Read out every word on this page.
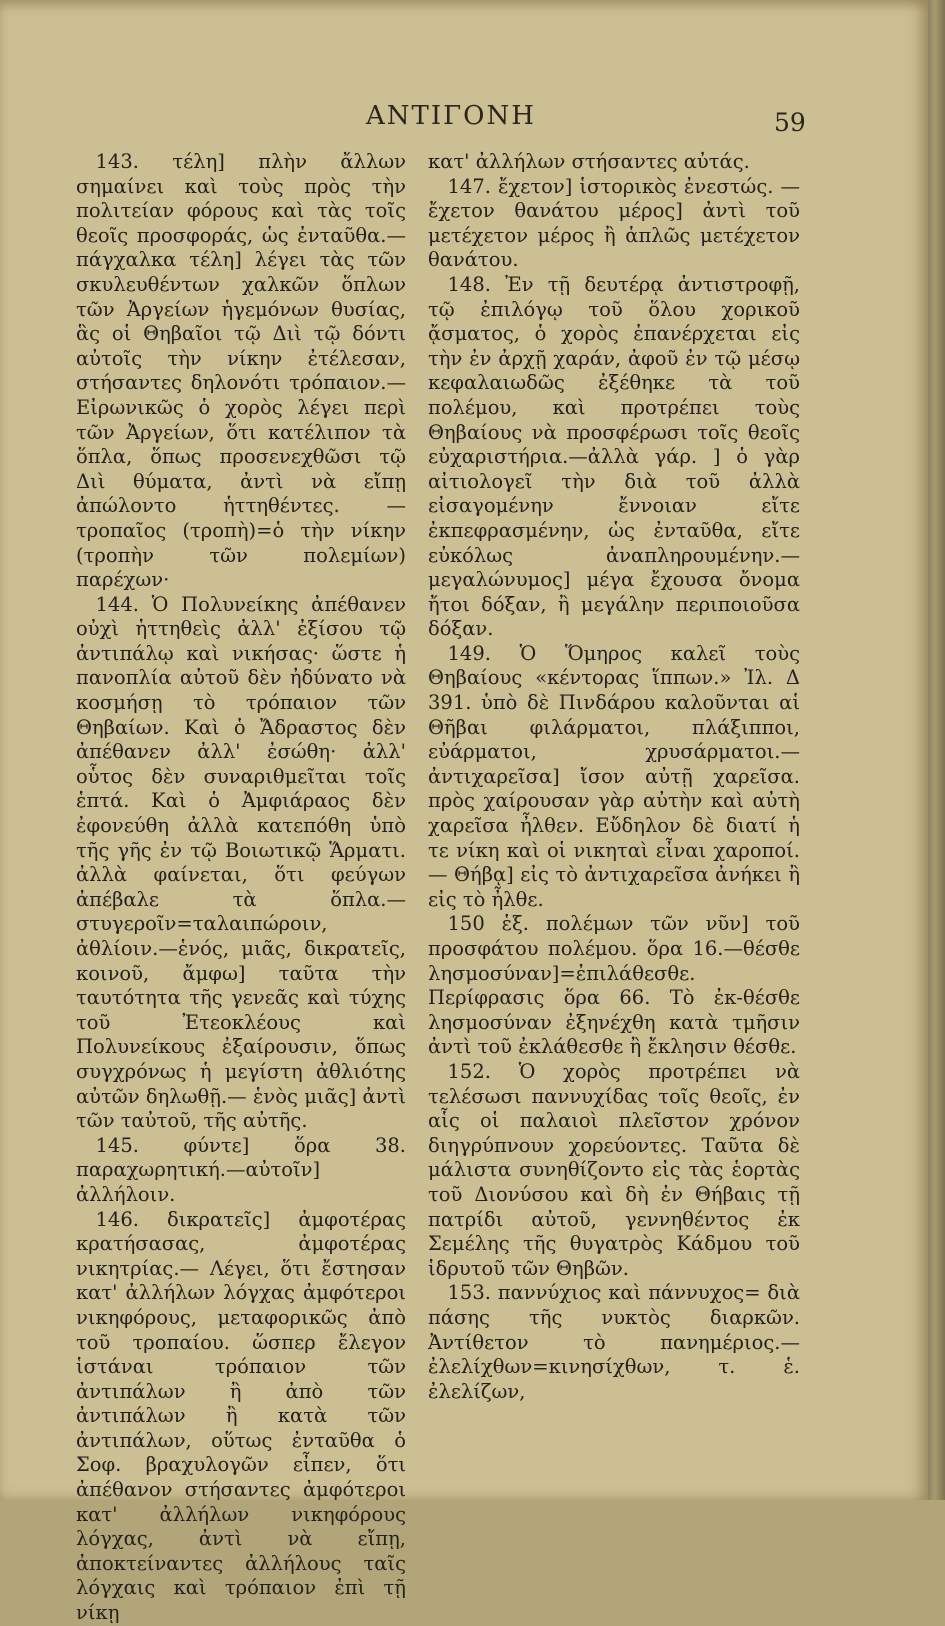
ΑΝΤΙΓΟΝΗ	59

143. τέλη] πλὴν ἄλλων σημαίνει καὶ τοὺς πρὸς τὴν πολιτείαν φόρους καὶ τὰς τοῖς θεοῖς προσφοράς, ὡς ἐνταῦθα.—πάγχαλκα τέλη] λέγει τὰς τῶν σκυλευθέντων χαλκῶν ὅπλων τῶν Ἀργείων ἡγεμόνων θυσίας, ἃς οἱ Θηβαῖοι τῷ Διὶ τῷ δόντι αὐτοῖς τὴν νίκην ἐτέλεσαν, στήσαντες δηλονότι τρόπαιον.—Εἰρωνικῶς ὁ χορὸς λέγει περὶ τῶν Ἀργείων, ὅτι κατέλιπον τὰ ὅπλα, ὅπως προσενεχθῶσι τῷ Διὶ θύματα, ἀντὶ νὰ εἴπῃ ἀπώλοντο ἡττηθέντες. — τροπαῖος (τροπὴ)=ὁ τὴν νίκην (τροπὴν τῶν πολεμίων) παρέχων·

144. Ὁ Πολυνείκης ἀπέθανεν οὐχὶ ἡττηθεὶς ἀλλ' ἐξίσου τῷ ἀντιπάλῳ καὶ νικήσας· ὥστε ἡ πανοπλία αὐτοῦ δὲν ἠδύνατο νὰ κοσμήσῃ τὸ τρόπαιον τῶν Θηβαίων. Καὶ ὁ Ἄδραστος δὲν ἀπέθανεν ἀλλ' ἐσώθη· ἀλλ' οὗτος δὲν συναριθμεῖται τοῖς ἑπτά. Καὶ ὁ Ἀμφιάραος δὲν ἐφονεύθη ἀλλὰ κατεπόθη ὑπὸ τῆς γῆς ἐν τῷ Βοιωτικῷ Ἅρματι. ἀλλὰ φαίνεται, ὅτι φεύγων ἀπέβαλε τὰ ὅπλα.— στυγεροῖν=ταλαιπώροιν, ἀθλίοιν.—ἑνός, μιᾶς, δικρατεῖς, κοινοῦ, ἄμφω] ταῦτα τὴν ταυτότητα τῆς γενεᾶς καὶ τύχης τοῦ Ἐτεοκλέους καὶ Πολυνείκους ἐξαίρουσιν, ὅπως συγχρόνως ἡ μεγίστη ἀθλιότης αὐτῶν δηλωθῇ.— ἑνὸς μιᾶς] ἀντὶ τῶν ταὐτοῦ, τῆς αὐτῆς.

145. φύντε] ὅρα 38. παραχωρητική.—αὐτοῖν] ἀλλήλοιν.

146. δικρατεῖς] ἀμφοτέρας κρατήσασας, ἀμφοτέρας νικητρίας.— Λέγει, ὅτι ἔστησαν κατ' ἀλλήλων λόγχας ἀμφότεροι νικηφόρους, μεταφορικῶς ἀπὸ τοῦ τροπαίου. ὥσπερ ἔλεγον ἱστάναι τρόπαιον τῶν ἀντιπάλων ἢ ἀπὸ τῶν ἀντιπάλων ἢ κατὰ τῶν ἀντιπάλων, οὕτως ἐνταῦθα ὁ Σοφ. βραχυλογῶν εἶπεν, ὅτι ἀπέθανον στήσαντες ἀμφότεροι κατ' ἀλλήλων νικηφόρους λόγχας, ἀντὶ νὰ εἴπῃ, ἀποκτείναντες ἀλλήλους ταῖς λόγχαις καὶ τρόπαιον ἐπὶ τῇ νίκῃ

κατ' ἀλλήλων στήσαντες αὐτάς.

147. ἔχετον] ἱστορικὸς ἐνεστώς. —ἔχετον θανάτου μέρος] ἀντὶ τοῦ μετέχετον μέρος ἢ ἁπλῶς μετέχετον θανάτου.

148. Ἐν τῇ δευτέρᾳ ἀντιστροφῇ, τῷ ἐπιλόγῳ τοῦ ὅλου χορικοῦ ᾄσματος, ὁ χορὸς ἐπανέρχεται εἰς τὴν ἐν ἀρχῇ χαράν, ἀφοῦ ἐν τῷ μέσῳ κεφαλαιωδῶς ἐξέθηκε τὰ τοῦ πολέμου, καὶ προτρέπει τοὺς Θηβαίους νὰ προσφέρωσι τοῖς θεοῖς εὐχαριστήρια.—ἀλλὰ γάρ. ] ὁ γὰρ αἰτιολογεῖ τὴν διὰ τοῦ ἀλλὰ εἰσαγομένην ἔννοιαν εἴτε ἐκπεφρασμένην, ὡς ἐνταῦθα, εἴτε εὐκόλως ἀναπληρουμένην.— μεγαλώνυμος] μέγα ἔχουσα ὄνομα ἤτοι δόξαν, ἢ μεγάλην περιποιοῦσα δόξαν.

149. Ὁ Ὅμηρος καλεῖ τοὺς Θηβαίους «κέντορας ἵππων.» Ἰλ. Δ 391. ὑπὸ δὲ Πινδάρου καλοῦνται αἱ Θῆβαι φιλάρματοι, πλάξιπποι, εὐάρματοι, χρυσάρματοι.— ἀντιχαρεῖσα] ἴσον αὐτῇ χαρεῖσα. πρὸς χαίρουσαν γὰρ αὐτὴν καὶ αὐτὴ χαρεῖσα ἦλθεν. Εὔδηλον δὲ διατί ἡ τε νίκη καὶ οἱ νικηταὶ εἶναι χαροποί. — Θήβᾳ] εἰς τὸ ἀντιχαρεῖσα ἀνήκει ἢ εἰς τὸ ἦλθε.

150 ἑξ. πολέμων τῶν νῦν] τοῦ προσφάτου πολέμου. ὅρα 16.—θέσθε λησμοσύναν]=ἐπιλάθεσθε. Περίφρασις ὅρα 66. Τὸ ἐκ-θέσθε λησμοσύναν ἐξηνέχθη κατὰ τμῆσιν ἀντὶ τοῦ ἐκλάθεσθε ἢ ἔκλησιν θέσθε.

152. Ὁ χορὸς προτρέπει νὰ τελέσωσι παννυχίδας τοῖς θεοῖς, ἐν αἷς οἱ παλαιοὶ πλεῖστον χρόνον διηγρύπνουν χορεύοντες. Ταῦτα δὲ μάλιστα συνηθίζοντο εἰς τὰς ἑορτὰς τοῦ Διονύσου καὶ δὴ ἐν Θήβαις τῇ πατρίδι αὐτοῦ, γεννηθέντος ἐκ Σεμέλης τῆς θυγατρὸς Κάδμου τοῦ ἱδρυτοῦ τῶν Θηβῶν.

153. παννύχιος καὶ πάννυχος= διὰ πάσης τῆς νυκτὸς διαρκῶν. Ἀντίθετον τὸ πανημέριος.— ἐλελίχθων=κινησίχθων, τ. ἑ. ἐλελίζων,
